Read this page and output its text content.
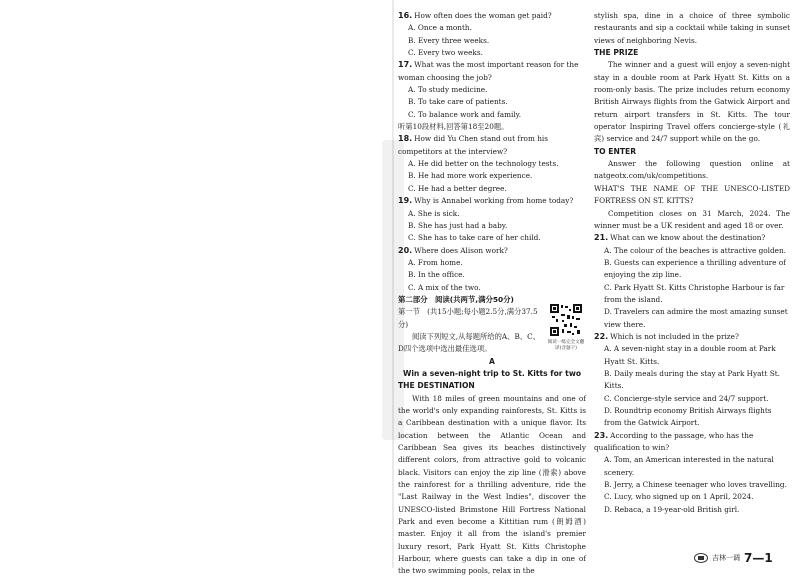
16. How often does the woman get paid?
A. Once a month.
B. Every three weeks.
C. Every two weeks.
17. What was the most important reason for the woman choosing the job?
A. To study medicine.
B. To take care of patients.
C. To balance work and family.
听第10段材料,回答第18至20题。
18. How did Yu Chen stand out from his competitors at the interview?
A. He did better on the technology tests.
B. He had more work experience.
C. He had a better degree.
19. Why is Annabel working from home today?
A. She is sick.
B. She has just had a baby.
C. She has to take care of her child.
20. Where does Alison work?
A. From home.
B. In the office.
C. A mix of the two.
第二部分　阅读(共两节,满分50分)
第一节　(共15小题;每小题2.5分,满分37.5分)
阅读下列短文,从每题所给的A、B、C、D四个选项中选出最佳选项。
A
Win a seven-night trip to St. Kitts for two
THE DESTINATION

With 18 miles of green mountains and one of the world's only expanding rainforests, St. Kitts is a Caribbean destination with a unique flavor. Its location between the Atlantic Ocean and Caribbean Sea gives its beaches distinctively different colors, from attractive gold to volcanic black. Visitors can enjoy the zip line (滑索) above the rainforest for a thrilling adventure, ride the "Last Railway in the West Indies", discover the UNESCO-listed Brimstone Hill Fortress National Park and even become a Kittitian rum (朗姆酒) master. Enjoy it all from the island's premier luxury resort, Park Hyatt St. Kitts Christophe Harbour, where guests can take a dip in one of the two swimming pools, relax in the

阅读一练完全文翻译(含题干)

stylish spa, dine in a choice of three symbolic restaurants and sip a cocktail while taking in sunset views of neighboring Nevis.

THE PRIZE

The winner and a guest will enjoy a seven-night stay in a double room at Park Hyatt St. Kitts on a room-only basis. The prize includes return economy British Airways flights from the Gatwick Airport and return airport transfers in St. Kitts. The tour operator Inspiring Travel offers concierge-style (礼宾) service and 24/7 support while on the go.

TO ENTER

Answer the following question online at natgeotx.com/uk/competitions.

WHAT'S THE NAME OF THE UNESCO-LISTED FORTRESS ON ST. KITTS?

Competition closes on 31 March, 2024. The winner must be a UK resident and aged 18 or over.

21. What can we know about the destination?
A. The colour of the beaches is attractive golden.
B. Guests can experience a thrilling adventure of enjoying the zip line.
C. Park Hyatt St. Kitts Christophe Harbour is far from the island.
D. Travelers can admire the most amazing sunset view there.
22. Which is not included in the prize?
A. A seven-night stay in a double room at Park Hyatt St. Kitts.
B. Daily meals during the stay at Park Hyatt St. Kitts.
C. Concierge-style service and 24/7 support.
D. Roundtrip economy British Airways flights from the Gatwick Airport.
23. According to the passage, who has the qualification to win?
A. Tom, an American interested in the natural scenery.
B. Jerry, a Chinese teenager who loves travelling.
C. Lucy, who signed up on 1 April, 2024.
D. Rebaca, a 19-year-old British girl.
吉林一调 7—1
